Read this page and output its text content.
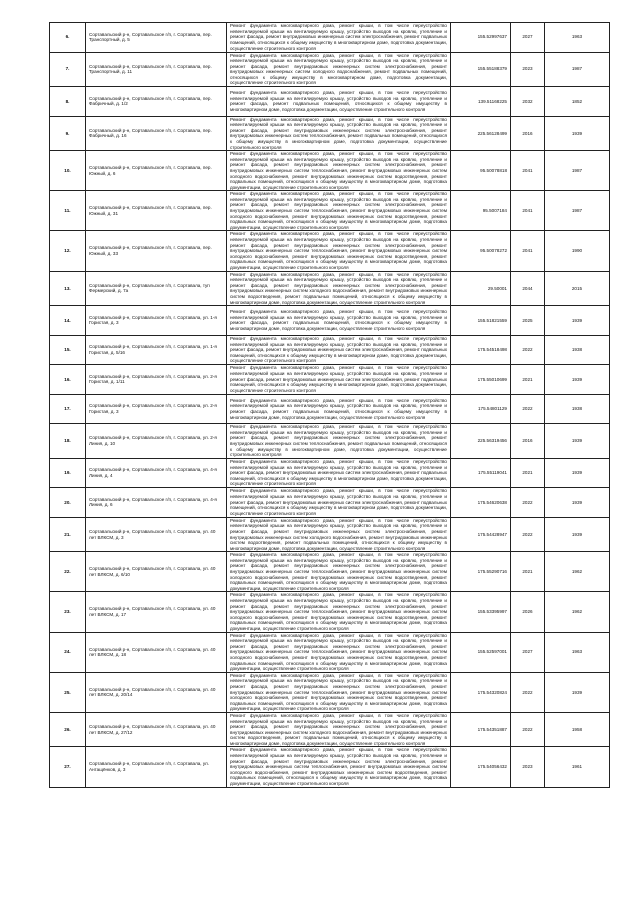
6.	Сортавальский р-н, Сортавальское г/п, г. Сортавала, пер. Транспортный, д. 5	Ремонт фундамента многоквартирного дома, ремонт крыши, в том числе переустройство невентилируемой крыши на вентилируемую крышу, устройство выходов на кровлю, утепление и ремонт фасада, ремонт внутридомовых инженерных систем электроснабжения, ремонт подвальных помещений, относящихся к общему имуществу в многоквартирном доме, подготовка документации, осуществление строительного контроля	155.52997637	2027	1963
7.	Сортавальский р-н, Сортавальское г/п, г. Сортавала, пер. Транспортный, д. 11	Ремонт фундамента многоквартирного дома, ремонт крыши, в том числе переустройство невентилируемой крыши на вентилируемую крышу, устройство выходов на кровлю, утепление и ремонт фасада, ремонт внутридомовых инженерных систем электроснабжения, ремонт внутридомовых инженерных систем холодного водоснабжения, ремонт подвальных помещений, относящихся к общему имуществу в многоквартирном доме, подготовка документации, осуществление строительного контроля	155.55188379	2023	1987
8.	Сортавальский р-н, Сортавальское г/п, г. Сортавала, пер. Фабричный, д. 1/2	Ремонт фундамента многоквартирного дома, ремонт крыши, в том числе переустройство невентилируемой крыши на вентилируемую крышу, устройство выходов на кровлю, утепление и ремонт фасада, ремонт подвальных помещений, относящихся к общему имуществу в многоквартирном доме, подготовка документации, осуществление строительного контроля	139.51168225	2032	1852
9.	Сортавальский р-н, Сортавальское г/п, г. Сортавала, пер. Фабричный, д. 16	Ремонт фундамента многоквартирного дома, ремонт крыши, в том числе переустройство невентилируемой крыши на вентилируемую крышу, устройство выходов на кровлю, утепление и ремонт фасада, ремонт внутридомовых инженерных систем электроснабжения, ремонт внутридомовых инженерных систем теплоснабжения, ремонт подвальных помещений, относящихся к общему имуществу в многоквартирном доме, подготовка документации, осуществление строительного контроля	225.56128499	2016	1939
10.	Сортавальский р-н, Сортавальское г/п, г. Сортавала, пер. Южный, д. 6	Ремонт фундамента многоквартирного дома, ремонт крыши, в том числе переустройство невентилируемой крыши на вентилируемую крышу, устройство выходов на кровлю, утепление и ремонт фасада, ремонт внутридомовых инженерных систем электроснабжения, ремонт внутридомовых инженерных систем теплоснабжения, ремонт внутридомовых инженерных систем холодного водоснабжения, ремонт внутридомовых инженерных систем водоотведения, ремонт подвальных помещений, относящихся к общему имуществу в многоквартирном доме, подготовка документации, осуществление строительного контроля	95.50078818	2041	1987
11.	Сортавальский р-н, Сортавальское г/п, г. Сортавала, пер. Южный, д. 31	Ремонт фундамента многоквартирного дома, ремонт крыши, в том числе переустройство невентилируемой крыши на вентилируемую крышу, устройство выходов на кровлю, утепление и ремонт фасада, ремонт внутридомовых инженерных систем электроснабжения, ремонт внутридомовых инженерных систем теплоснабжения, ремонт внутридомовых инженерных систем холодного водоснабжения, ремонт внутридомовых инженерных систем водоотведения, ремонт подвальных помещений, относящихся к общему имуществу в многоквартирном доме, подготовка документации, осуществление строительного контроля	95.5007184	2041	1987
12.	Сортавальский р-н, Сортавальское г/п, г. Сортавала, пер. Южный, д. 33	Ремонт фундамента многоквартирного дома, ремонт крыши, в том числе переустройство невентилируемой крыши на вентилируемую крышу, устройство выходов на кровлю, утепление и ремонт фасада, ремонт внутридомовых инженерных систем электроснабжения, ремонт внутридомовых инженерных систем теплоснабжения, ремонт внутридомовых инженерных систем холодного водоснабжения, ремонт внутридомовых инженерных систем водоотведения, ремонт подвальных помещений, относящихся к общему имуществу в многоквартирном доме, подготовка документации, осуществление строительного контроля	95.50078272	2041	1990
13.	Сортавальский р-н, Сортавальское г/п, г. Сортавала, туп Фермерский, д. 7а	Ремонт фундамента многоквартирного дома, ремонт крыши, в том числе переустройство невентилируемой крыши на вентилируемую крышу, устройство выходов на кровлю, утепление и ремонт фасада, ремонт внутридомовых инженерных систем электроснабжения, ремонт внутридомовых инженерных систем холодного водоснабжения, ремонт внутридомовых инженерных систем водоотведения, ремонт подвальных помещений, относящихся к общему имуществу в многоквартирном доме, подготовка документации, осуществление строительного контроля	29.50001	2044	2015
14.	Сортавальский р-н, Сортавальское г/п, г. Сортавала, ул. 1-я Гористая, д. 3	Ремонт фундамента многоквартирного дома, ремонт крыши, в том числе переустройство невентилируемой крыши на вентилируемую крышу, устройство выходов на кровлю, утепление и ремонт фасада, ремонт подвальных помещений, относящихся к общему имуществу в многоквартирном доме, подготовка документации, осуществление строительного контроля	155.51821559	2025	1939
15.	Сортавальский р-н, Сортавальское г/п, г. Сортавала, ул. 1-я Гористая, д. 5/16	Ремонт фундамента многоквартирного дома, ремонт крыши, в том числе переустройство невентилируемой крыши на вентилируемую крышу, устройство выходов на кровлю, утепление и ремонт фасада, ремонт внутридомовых инженерных систем электроснабжения, ремонт подвальных помещений, относящихся к общему имуществу в многоквартирном доме, подготовка документации, осуществление строительного контроля	175.54518498	2022	1938
16.	Сортавальский р-н, Сортавальское г/п, г. Сортавала, ул. 2-я Гористая, д. 1/11	Ремонт фундамента многоквартирного дома, ремонт крыши, в том числе переустройство невентилируемой крыши на вентилируемую крышу, устройство выходов на кровлю, утепление и ремонт фасада, ремонт внутридомовых инженерных систем электроснабжения, ремонт подвальных помещений, относящихся к общему имуществу в многоквартирном доме, подготовка документации, осуществление строительного контроля	175.55010699	2021	1939
17.	Сортавальский р-н, Сортавальское г/п, г. Сортавала, ул. 2-я Гористая, д. 3	Ремонт фундамента многоквартирного дома, ремонт крыши, в том числе переустройство невентилируемой крыши на вентилируемую крышу, устройство выходов на кровлю, утепление и ремонт фасада, ремонт подвальных помещений, относящихся к общему имуществу в многоквартирном доме, подготовка документации, осуществление строительного контроля	175.54801129	2022	1938
18.	Сортавальский р-н, Сортавальское г/п, г. Сортавала, ул. 2-я Линия, д. 10	Ремонт фундамента многоквартирного дома, ремонт крыши, в том числе переустройство невентилируемой крыши на вентилируемую крышу, устройство выходов на кровлю, утепление и ремонт фасада, ремонт внутридомовых инженерных систем электроснабжения, ремонт внутридомовых инженерных систем теплоснабжения, ремонт подвальных помещений, относящихся к общему имуществу в многоквартирном доме, подготовка документации, осуществление строительного контроля	225.56319456	2016	1939
19.	Сортавальский р-н, Сортавальское г/п, г. Сортавала, ул. 4-я Линия, д. 4	Ремонт фундамента многоквартирного дома, ремонт крыши, в том числе переустройство невентилируемой крыши на вентилируемую крышу, устройство выходов на кровлю, утепление и ремонт фасада, ремонт внутридомовых инженерных систем электроснабжения, ремонт подвальных помещений, относящихся к общему имуществу в многоквартирном доме, подготовка документации, осуществление строительного контроля	175.55119041	2021	1939
20.	Сортавальский р-н, Сортавальское г/п, г. Сортавала, ул. 4-я Линия, д. 6	Ремонт фундамента многоквартирного дома, ремонт крыши, в том числе переустройство невентилируемой крыши на вентилируемую крышу, устройство выходов на кровлю, утепление и ремонт фасада, ремонт внутридомовых инженерных систем электроснабжения, ремонт подвальных помещений, относящихся к общему имуществу в многоквартирном доме, подготовка документации, осуществление строительного контроля	175.54620638	2022	1939
21.	Сортавальский р-н, Сортавальское г/п, г. Сортавала, ул. 40 лет ВЛКСМ, д. 3	Ремонт фундамента многоквартирного дома, ремонт крыши, в том числе переустройство невентилируемой крыши на вентилируемую крышу, устройство выходов на кровлю, утепление и ремонт фасада, ремонт внутридомовых инженерных систем электроснабжения, ремонт внутридомовых инженерных систем холодного водоснабжения, ремонт внутридомовых инженерных систем водоотведения, ремонт подвальных помещений, относящихся к общему имуществу в многоквартирном доме, подготовка документации, осуществление строительного контроля	175.54428947	2022	1939
22.	Сортавальский р-н, Сортавальское г/п, г. Сортавала, ул. 40 лет ВЛКСМ, д. 6/10	Ремонт фундамента многоквартирного дома, ремонт крыши, в том числе переустройство невентилируемой крыши на вентилируемую крышу, устройство выходов на кровлю, утепление и ремонт фасада, ремонт внутридомовых инженерных систем электроснабжения, ремонт внутридомовых инженерных систем теплоснабжения, ремонт внутридомовых инженерных систем холодного водоснабжения, ремонт внутридомовых инженерных систем водоотведения, ремонт подвальных помещений, относящихся к общему имуществу в многоквартирном доме, подготовка документации, осуществление строительного контроля	175.55290716	2021	1962
23.	Сортавальский р-н, Сортавальское г/п, г. Сортавала, ул. 40 лет ВЛКСМ, д. 17	Ремонт фундамента многоквартирного дома, ремонт крыши, в том числе переустройство невентилируемой крыши на вентилируемую крышу, устройство выходов на кровлю, утепление и ремонт фасада, ремонт внутридомовых инженерных систем электроснабжения, ремонт внутридомовых инженерных систем теплоснабжения, ремонт внутридомовых инженерных систем холодного водоснабжения, ремонт внутридомовых инженерных систем водоотведения, ремонт подвальных помещений, относящихся к общему имуществу в многоквартирном доме, подготовка документации, осуществление строительного контроля	155.53395997	2026	1962
24.	Сортавальский р-н, Сортавальское г/п, г. Сортавала, ул. 40 лет ВЛКСМ, д. 18	Ремонт фундамента многоквартирного дома, ремонт крыши, в том числе переустройство невентилируемой крыши на вентилируемую крышу, устройство выходов на кровлю, утепление и ремонт фасада, ремонт внутридомовых инженерных систем электроснабжения, ремонт внутридомовых инженерных систем теплоснабжения, ремонт внутридомовых инженерных систем холодного водоснабжения, ремонт внутридомовых инженерных систем водоотведения, ремонт подвальных помещений, относящихся к общему имуществу в многоквартирном доме, подготовка документации, осуществление строительного контроля	155.52597001	2027	1963
25.	Сортавальский р-н, Сортавальское г/п, г. Сортавала, ул. 40 лет ВЛКСМ, д. 20/14	Ремонт фундамента многоквартирного дома, ремонт крыши, в том числе переустройство невентилируемой крыши на вентилируемую крышу, устройство выходов на кровлю, утепление и ремонт фасада, ремонт внутридомовых инженерных систем электроснабжения, ремонт внутридомовых инженерных систем теплоснабжения, ремонт внутридомовых инженерных систем холодного водоснабжения, ремонт внутридомовых инженерных систем водоотведения, ремонт подвальных помещений, относящихся к общему имуществу в многоквартирном доме, подготовка документации, осуществление строительного контроля	175.54320824	2022	1939
26.	Сортавальский р-н, Сортавальское г/п, г. Сортавала, ул. 40 лет ВЛКСМ, д. 27/12	Ремонт фундамента многоквартирного дома, ремонт крыши, в том числе переустройство невентилируемой крыши на вентилируемую крышу, устройство выходов на кровлю, утепление и ремонт фасада, ремонт внутридомовых инженерных систем электроснабжения, ремонт внутридомовых инженерных систем холодного водоснабжения, ремонт внутридомовых инженерных систем водоотведения, ремонт подвальных помещений, относящихся к общему имуществу в многоквартирном доме, подготовка документации, осуществление строительного контроля	175.54351887	2022	1958
27.	Сортавальский р-н, Сортавальское г/п, г. Сортавала, ул. Антащёнков, д. 3	Ремонт фундамента многоквартирного дома, ремонт крыши, в том числе переустройство невентилируемой крыши на вентилируемую крышу, устройство выходов на кровлю, утепление и ремонт фасада, ремонт внутридомовых инженерных систем электроснабжения, ремонт внутридомовых инженерных систем теплоснабжения, ремонт внутридомовых инженерных систем холодного водоснабжения, ремонт внутридомовых инженерных систем водоотведения, ремонт подвальных помещений, относящихся к общему имуществу в многоквартирном доме, подготовка документации, осуществление строительного контроля	175.54056432	2023	1961
